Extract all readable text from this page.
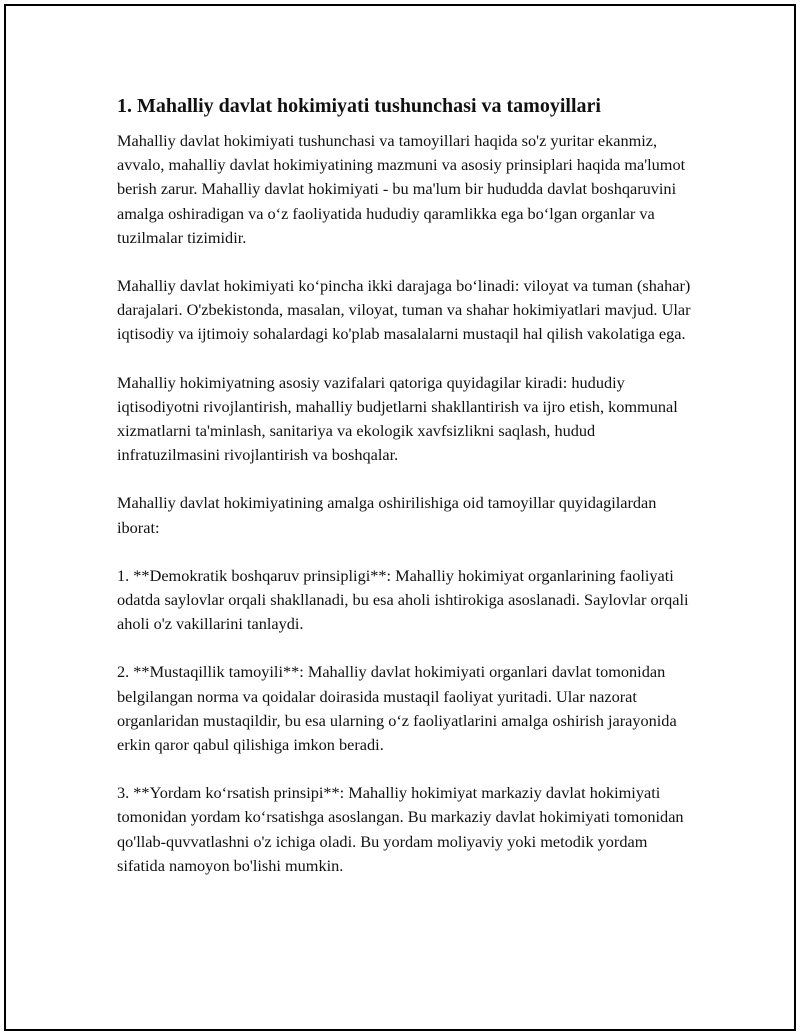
1. Mahalliy davlat hokimiyati tushunchasi va tamoyillari

Mahalliy davlat hokimiyati tushunchasi va tamoyillari haqida so'z yuritar ekanmiz, avvalo, mahalliy davlat hokimiyatining mazmuni va asosiy prinsiplari haqida ma'lumot berish zarur. Mahalliy davlat hokimiyati - bu ma'lum bir hududda davlat boshqaruvini amalga oshiradigan va o‘z faoliyatida hududiy qaramlikka ega bo‘lgan organlar va tuzilmalar tizimidir.

Mahalliy davlat hokimiyati ko‘pincha ikki darajaga bo‘linadi: viloyat va tuman (shahar) darajalari. O'zbekistonda, masalan, viloyat, tuman va shahar hokimiyatlari mavjud. Ular iqtisodiy va ijtimoiy sohalardagi ko'plab masalalarni mustaqil hal qilish vakolatiga ega.

Mahalliy hokimiyatning asosiy vazifalari qatoriga quyidagilar kiradi: hududiy iqtisodiyotni rivojlantirish, mahalliy budjetlarni shakllantirish va ijro etish, kommunal xizmatlarni ta'minlash, sanitariya va ekologik xavfsizlikni saqlash, hudud infratuzilmasini rivojlantirish va boshqalar.

Mahalliy davlat hokimiyatining amalga oshirilishiga oid tamoyillar quyidagilardan iborat:

1. **Demokratik boshqaruv prinsipligi**: Mahalliy hokimiyat organlarining faoliyati odatda saylovlar orqali shakllanadi, bu esa aholi ishtirokiga asoslanadi. Saylovlar orqali aholi o'z vakillarini tanlaydi.

2. **Mustaqillik tamoyili**: Mahalliy davlat hokimiyati organlari davlat tomonidan belgilangan norma va qoidalar doirasida mustaqil faoliyat yuritadi. Ular nazorat organlaridan mustaqildir, bu esa ularning o‘z faoliyatlarini amalga oshirish jarayonida erkin qaror qabul qilishiga imkon beradi.

3. **Yordam ko‘rsatish prinsipi**: Mahalliy hokimiyat markaziy davlat hokimiyati tomonidan yordam ko‘rsatishga asoslangan. Bu markaziy davlat hokimiyati tomonidan qo'llab-quvvatlashni o'z ichiga oladi. Bu yordam moliyaviy yoki metodik yordam sifatida namoyon bo'lishi mumkin.
